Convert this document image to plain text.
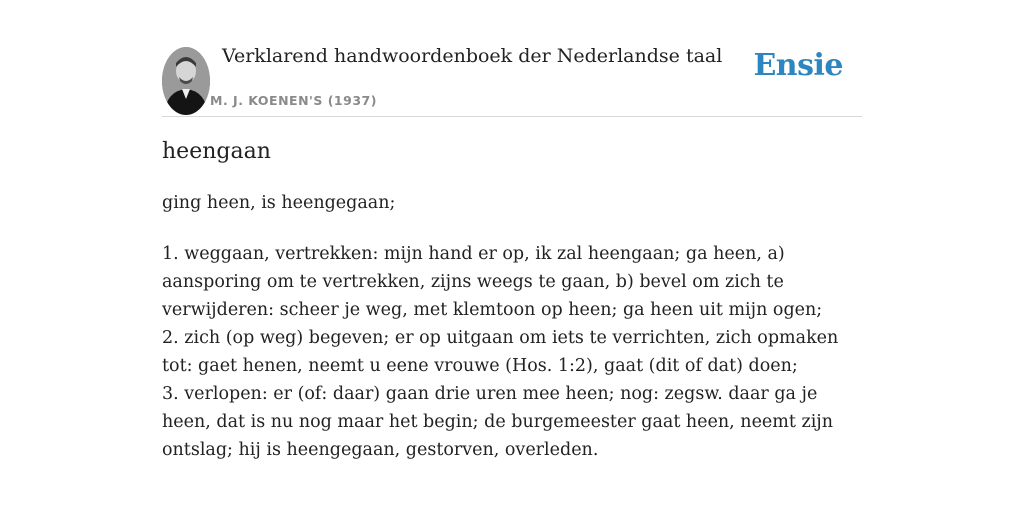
Verklarend handwoordenboek der Nederlandse taal
M. J. KOENEN'S (1937)
Ensie
heengaan
ging heen, is heengegaan;

1. weggaan, vertrekken: mijn hand er op, ik zal heengaan; ga heen, a) aansporing om te vertrekken, zijns weegs te gaan, b) bevel om zich te verwijderen: scheer je weg, met klemtoon op heen; ga heen uit mijn ogen;

2. zich (op weg) begeven; er op uitgaan om iets te verrichten, zich opmaken tot: gaet henen, neemt u eene vrouwe (Hos. 1:2), gaat (dit of dat) doen;

3. verlopen: er (of: daar) gaan drie uren mee heen; nog: zegsw. daar ga je heen, dat is nu nog maar het begin; de burgemeester gaat heen, neemt zijn ontslag; hij is heengegaan, gestorven, overleden.
